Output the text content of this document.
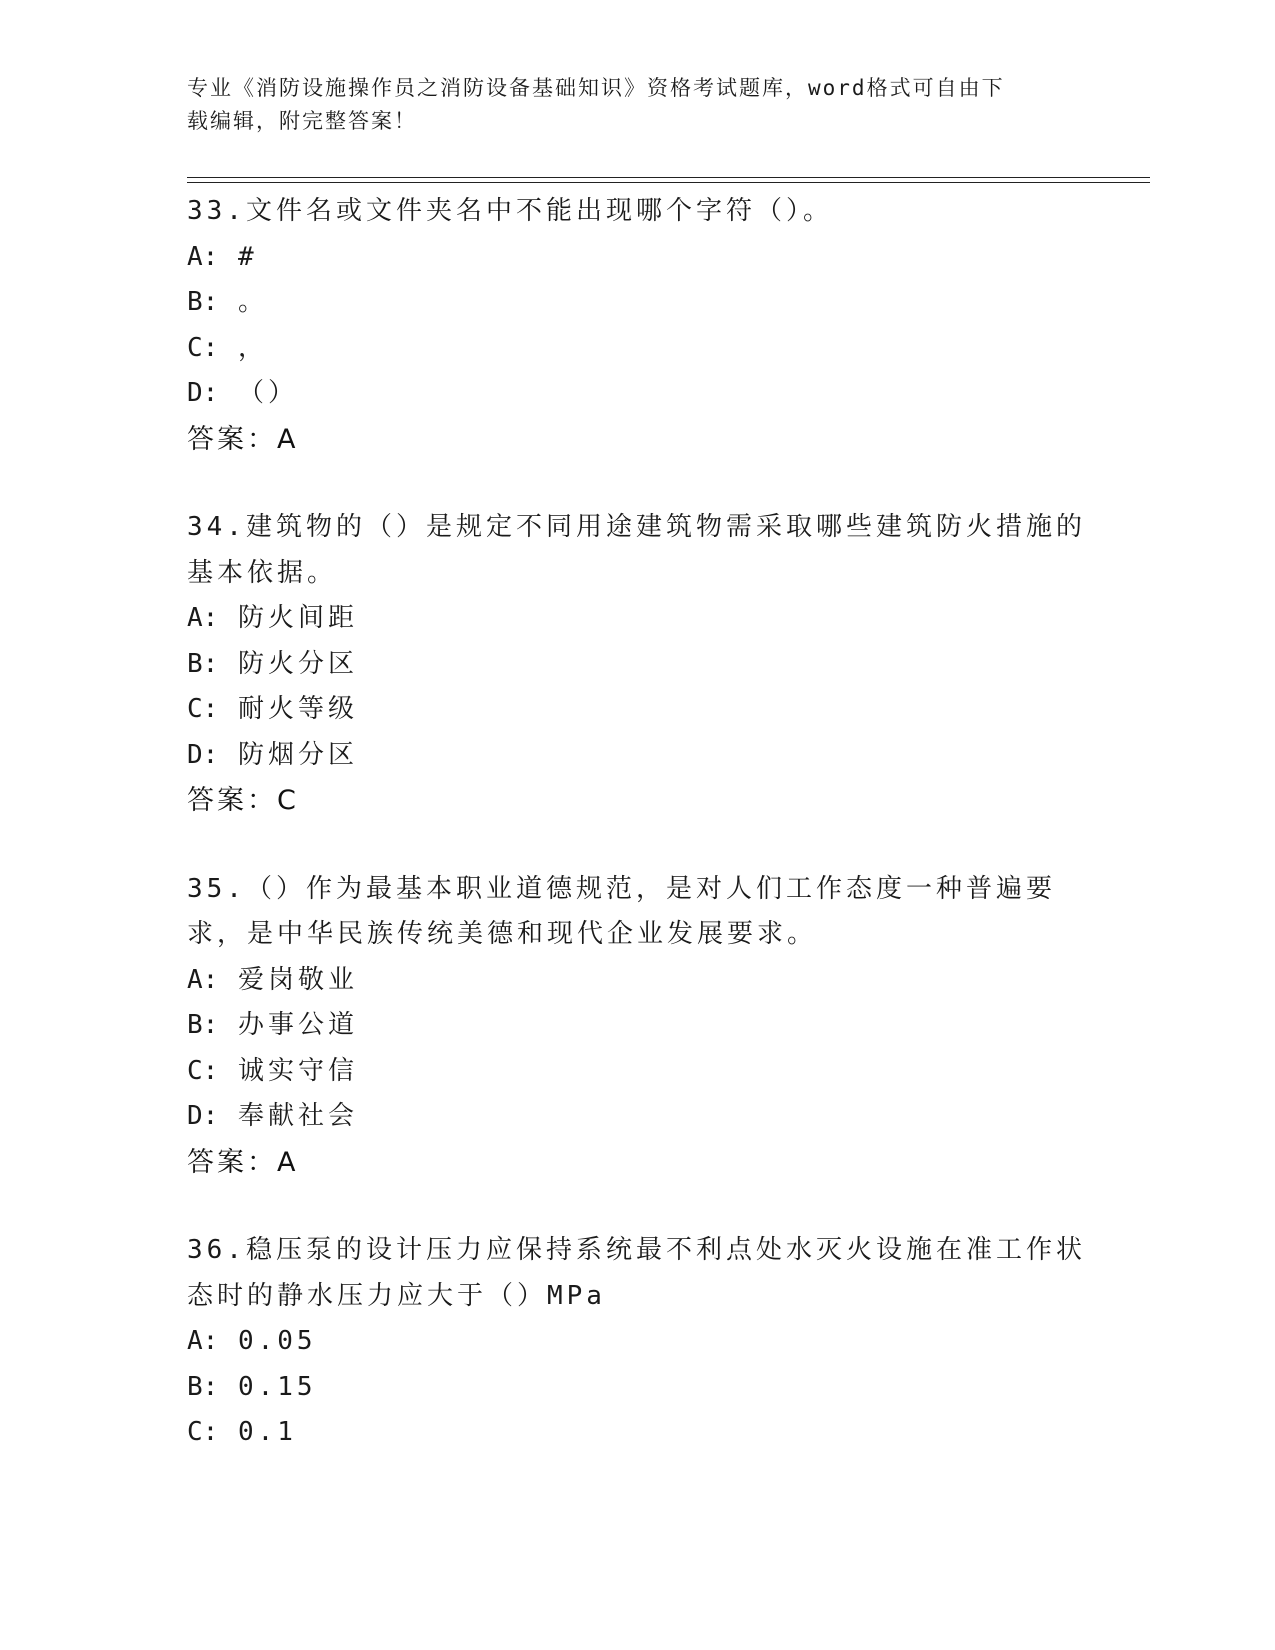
专业《消防设施操作员之消防设备基础知识》资格考试题库，word格式可自由下
载编辑，附完整答案！

33.文件名或文件夹名中不能出现哪个字符（）。

A: #

B: 。

C: ，

D: （）

答案：A

34.建筑物的（）是规定不同用途建筑物需采取哪些建筑防火措施的基本依据。

A: 防火间距

B: 防火分区

C: 耐火等级

D: 防烟分区

答案：C

35.（）作为最基本职业道德规范，是对人们工作态度一种普遍要求，是中华民族传统美德和现代企业发展要求。

A: 爱岗敬业

B: 办事公道

C: 诚实守信

D: 奉献社会

答案：A

36.稳压泵的设计压力应保持系统最不利点处水灭火设施在准工作状态时的静水压力应大于（）MPa

A: 0.05

B: 0.15

C: 0.1
